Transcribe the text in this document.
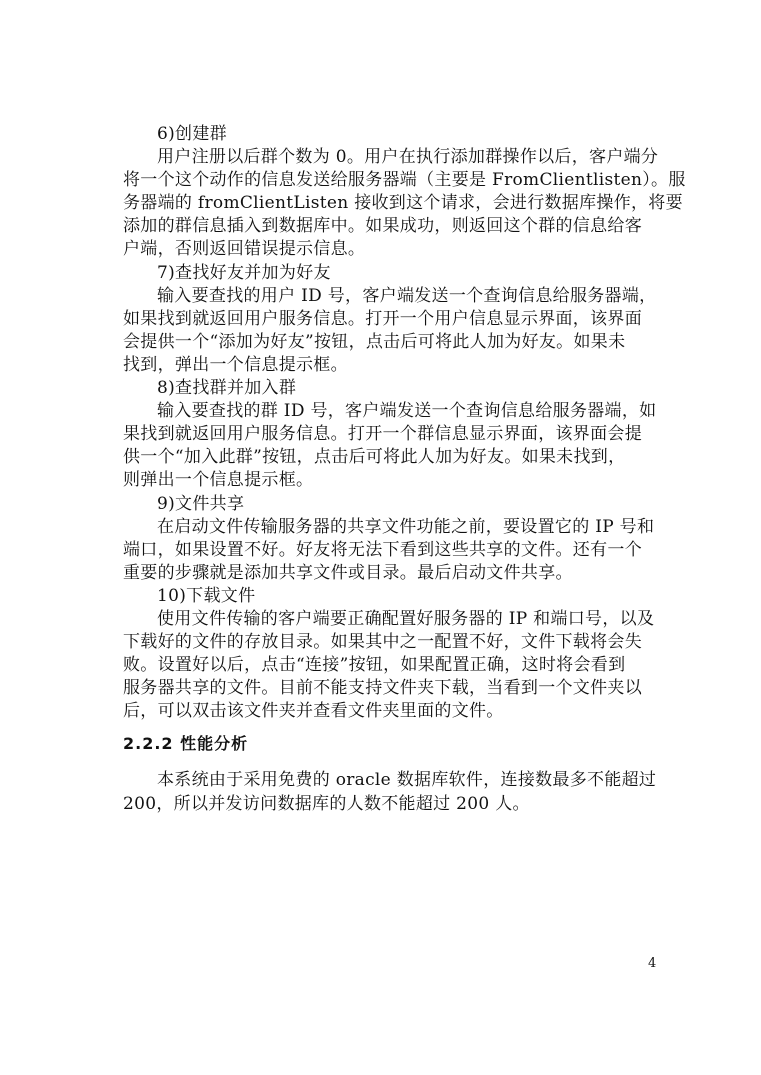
6)创建群
用户注册以后群个数为 0。用户在执行添加群操作以后，客户端分
将一个这个动作的信息发送给服务器端（主要是 FromClientlisten）。服
务器端的 fromClientListen 接收到这个请求，会进行数据库操作，将要
添加的群信息插入到数据库中。如果成功，则返回这个群的信息给客
户端，否则返回错误提示信息。
7)查找好友并加为好友
输入要查找的用户 ID 号，客户端发送一个查询信息给服务器端，
如果找到就返回用户服务信息。打开一个用户信息显示界面，该界面
会提供一个“添加为好友”按钮，点击后可将此人加为好友。如果未
找到，弹出一个信息提示框。
8)查找群并加入群
输入要查找的群 ID 号，客户端发送一个查询信息给服务器端，如
果找到就返回用户服务信息。打开一个群信息显示界面，该界面会提
供一个“加入此群”按钮，点击后可将此人加为好友。如果未找到，
则弹出一个信息提示框。
9)文件共享
在启动文件传输服务器的共享文件功能之前，要设置它的 IP 号和
端口，如果设置不好。好友将无法下看到这些共享的文件。还有一个
重要的步骤就是添加共享文件或目录。最后启动文件共享。
10)下载文件
使用文件传输的客户端要正确配置好服务器的 IP 和端口号，以及
下载好的文件的存放目录。如果其中之一配置不好，文件下载将会失
败。设置好以后，点击“连接”按钮，如果配置正确，这时将会看到
服务器共享的文件。目前不能支持文件夹下载，当看到一个文件夹以
后，可以双击该文件夹并查看文件夹里面的文件。
2.2.2 性能分析
本系统由于采用免费的 oracle 数据库软件，连接数最多不能超过
200，所以并发访问数据库的人数不能超过 200 人。
4
